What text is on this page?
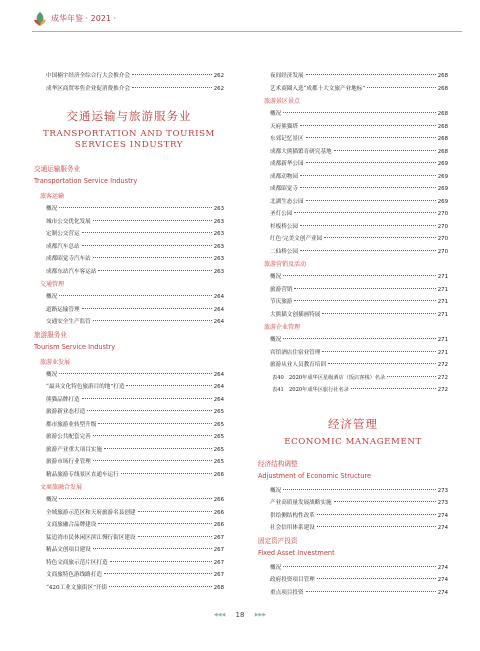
成华年鉴 · 2021 ·
中国楠宇经济全综合行大会推介会	262
成华区商贸零售企业促消费推介会	262
交通运输与旅游服务业
TRANSPORTATION AND TOURISM
SERVICES INDUSTRY
交通运输服务业
Transportation Service Industry
旅客运输
概况	263
城市公交优化发展	263
定制公交营运	263
成都汽车总站	263
成都昭觉寺汽车站	263
成都东站汽车客运站	263
交通管理
概况	264
道路运输管理	264
交通安全生产监管	264
旅游服务业
Tourism Service Industry
旅游业发展
概况	264
“最具文化特色旅游目的地”打造	264
熊猫品牌打造	264
旅游新业态打造	265
都市旅游业转型升级	265
旅游公共配套完善	265
旅游产业重大项目实施	265
旅游市场行业管理	265
精品旅游专线景区直通车运行	266
文商旅融合发展
概况	266
全域旅游示范区和天府旅游名县创建	266
文商旅融合品牌建设	266
猛追湾市民休闲区滨江慢行街区建设	267
精品文创项目建设	267
特色文商旅示范片区打造	267
文商旅特色游线路打造	267
“420工业文旅街区”开街	268
夜间经济发展	268
艺术商圈入选“成都十大文旅产业地标”	268
旅游景区景点
概况	268
天府熊猫塔	268
东郊记忆景区	268
成都大熊猫繁育研究基地	268
成都新华公园	269
成都动物园	269
成都昭觉寺	269
北湖生态公园	269
圣灯公园	270
杉板桥公园	270
红色·完美文创产业园	270
二仙桥公园	270
旅游营销及活动
概况	271
旅游营销	271
节庆旅游	271
大熊猫文创插画特展	271
旅游企业管理
概况	271
宾馆酒店住宿业管理	271
旅游从业人员教育培训	272
表40　2020年成华区星级酒店（饭店客栈）名录	272
表41　2020年成华区旅行社名录	272
经济管理
ECONOMIC MANAGEMENT
经济结构调整
Adjustment of Economic Structure
概况	273
产业高质量发展战略实施	273
供给侧结构性改革	274
社会信用体系建设	274
固定资产投资
Fixed Asset Investment
概况	274
政府投资项目管理	274
重点项目投资	274
◀◀◀ 18 ▶▶▶
